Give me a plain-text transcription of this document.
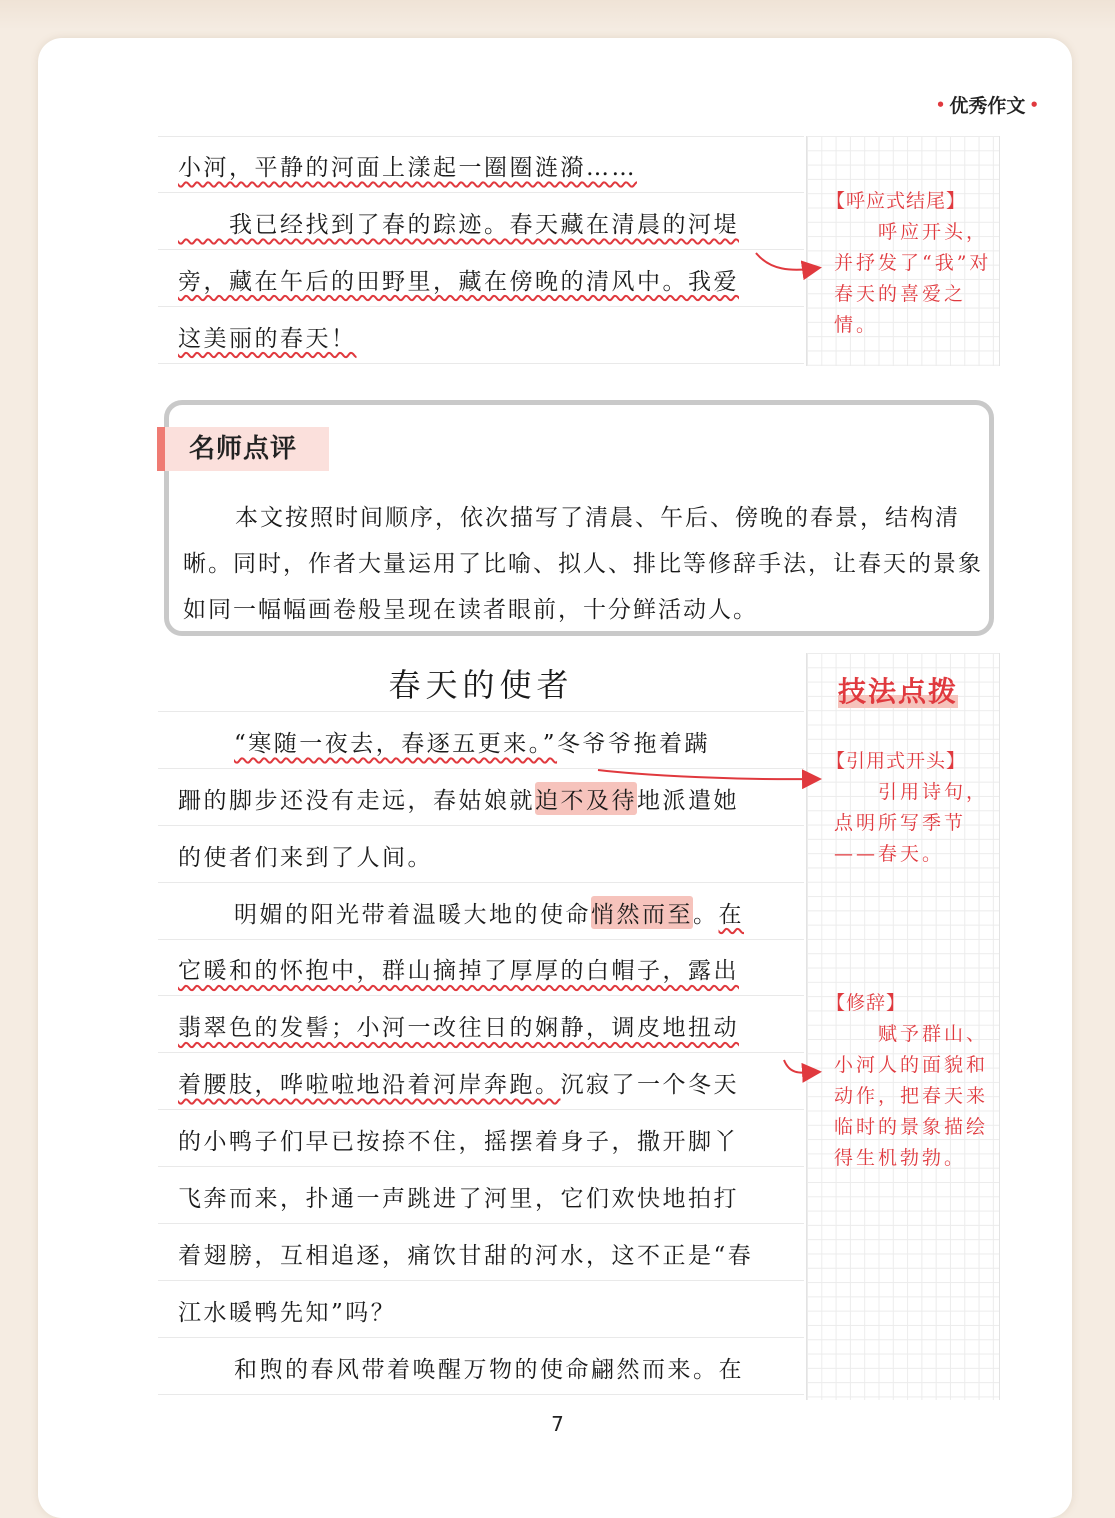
• 优秀作文 •
小河，平静的河面上漾起一圈圈涟漪……
　　我已经找到了春的踪迹。春天藏在清晨的河堤
旁，藏在午后的田野里，藏在傍晚的清风中。我爱
这美丽的春天！
【呼应式结尾】
呼应开头，并抒发了“我”对春天的喜爱之情。
名师点评

本文按照时间顺序，依次描写了清晨、午后、傍晚的春景，结构清晰。同时，作者大量运用了比喻、拟人、排比等修辞手法，让春天的景象如同一幅幅画卷般呈现在读者眼前，十分鲜活动人。

春天的使者	技法点拨
“寒随一夜去，春逐五更来。” 冬爷爷拖着蹒
跚的脚步还没有走远，春姑娘就 迫不及待 地派遣她
的使者们来到了人间。
明媚的阳光带着温暖大地的使命 悄然而至 。 在
它暖和的怀抱中，群山摘掉了厚厚的白帽子，露出
翡翠色的发髻；小河一改往日的娴静，调皮地扭动
着腰肢，哗啦啦地沿着河岸奔跑。 沉寂了一个冬天
的小鸭子们早已按捺不住，摇摆着身子，撒开脚丫
飞奔而来，扑通一声跳进了河里，它们欢快地拍打
着翅膀，互相追逐，痛饮甘甜的河水，这不正是“春
江水暖鸭先知”吗？
和煦的春风带着唤醒万物的使命翩然而来。在
【引用式开头】
引用诗句，点明所写季节——春天。
【修辞】
赋予群山、小河人的面貌和动作，把春天来临时的景象描绘得生机勃勃。
7
